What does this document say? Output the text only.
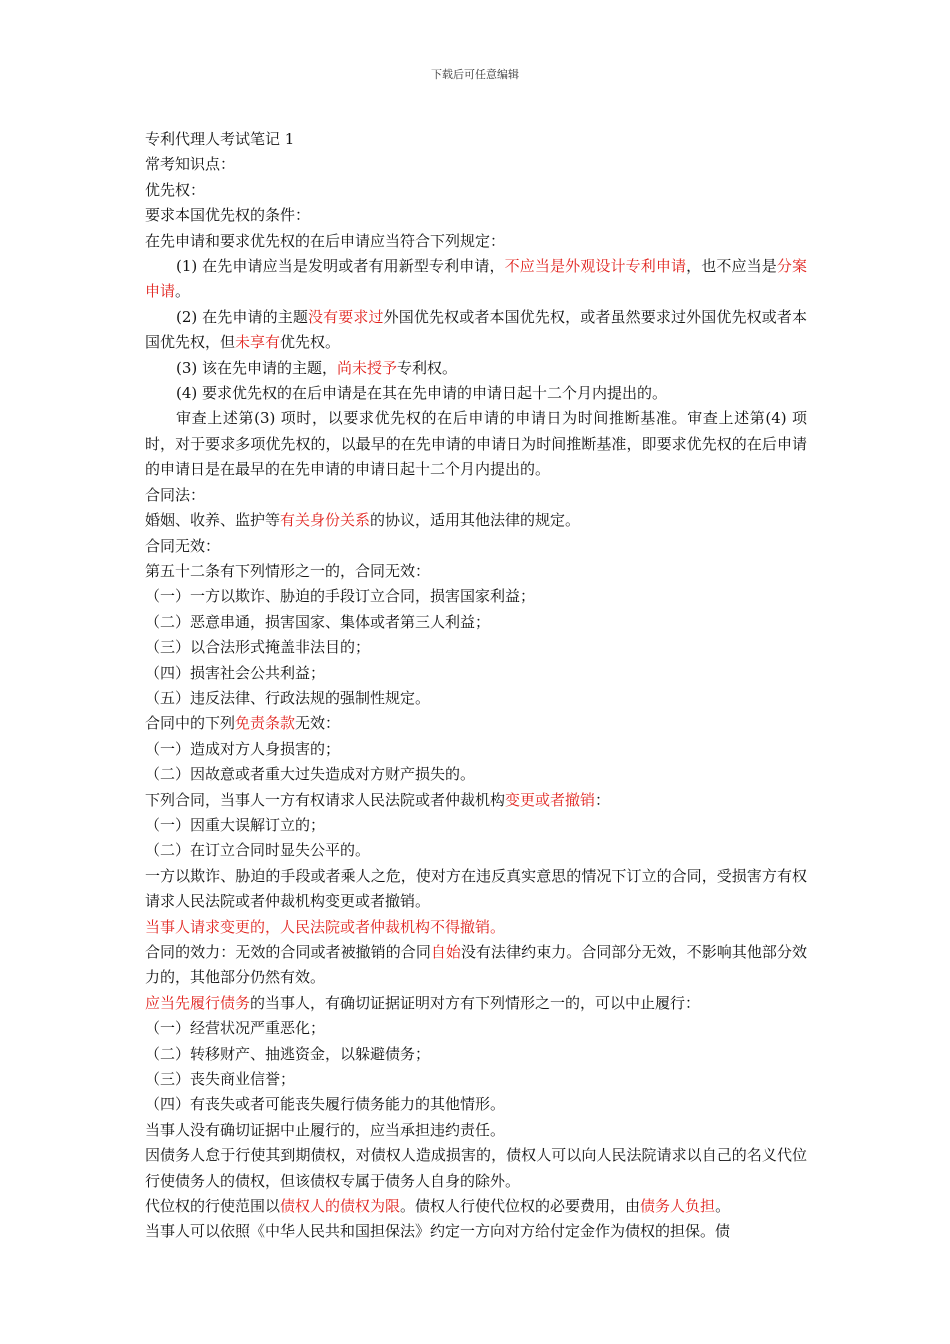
下载后可任意编辑
专利代理人考试笔记 1
常考知识点：
优先权：
要求本国优先权的条件：
在先申请和要求优先权的在后申请应当符合下列规定：
(1) 在先申请应当是发明或者有用新型专利申请，不应当是外观设计专利申请，也不应当是分案申请。
(2) 在先申请的主题没有要求过外国优先权或者本国优先权，或者虽然要求过外国优先权或者本国优先权，但未享有优先权。
(3) 该在先申请的主题，尚未授予专利权。
(4) 要求优先权的在后申请是在其在先申请的申请日起十二个月内提出的。
审查上述第(3) 项时，以要求优先权的在后申请的申请日为时间推断基准。审查上述第(4) 项时，对于要求多项优先权的，以最早的在先申请的申请日为时间推断基准，即要求优先权的在后申请的申请日是在最早的在先申请的申请日起十二个月内提出的。
合同法：
婚姻、收养、监护等有关身份关系的协议，适用其他法律的规定。
合同无效：
第五十二条有下列情形之一的，合同无效：
（一）一方以欺诈、胁迫的手段订立合同，损害国家利益；
（二）恶意串通，损害国家、集体或者第三人利益；
（三）以合法形式掩盖非法目的；
（四）损害社会公共利益；
（五）违反法律、行政法规的强制性规定。
合同中的下列免责条款无效：
（一）造成对方人身损害的；
（二）因故意或者重大过失造成对方财产损失的。
下列合同，当事人一方有权请求人民法院或者仲裁机构变更或者撤销：
（一）因重大误解订立的；
（二）在订立合同时显失公平的。
一方以欺诈、胁迫的手段或者乘人之危，使对方在违反真实意思的情况下订立的合同，受损害方有权请求人民法院或者仲裁机构变更或者撤销。
当事人请求变更的，人民法院或者仲裁机构不得撤销。
合同的效力：无效的合同或者被撤销的合同自始没有法律约束力。合同部分无效，不影响其他部分效力的，其他部分仍然有效。
应当先履行债务的当事人，有确切证据证明对方有下列情形之一的，可以中止履行：
（一）经营状况严重恶化；
（二）转移财产、抽逃资金，以躲避债务；
（三）丧失商业信誉；
（四）有丧失或者可能丧失履行债务能力的其他情形。
当事人没有确切证据中止履行的，应当承担违约责任。
因债务人怠于行使其到期债权，对债权人造成损害的，债权人可以向人民法院请求以自己的名义代位行使债务人的债权，但该债权专属于债务人自身的除外。
代位权的行使范围以债权人的债权为限。债权人行使代位权的必要费用，由债务人负担。
当事人可以依照《中华人民共和国担保法》约定一方向对方给付定金作为债权的担保。债
